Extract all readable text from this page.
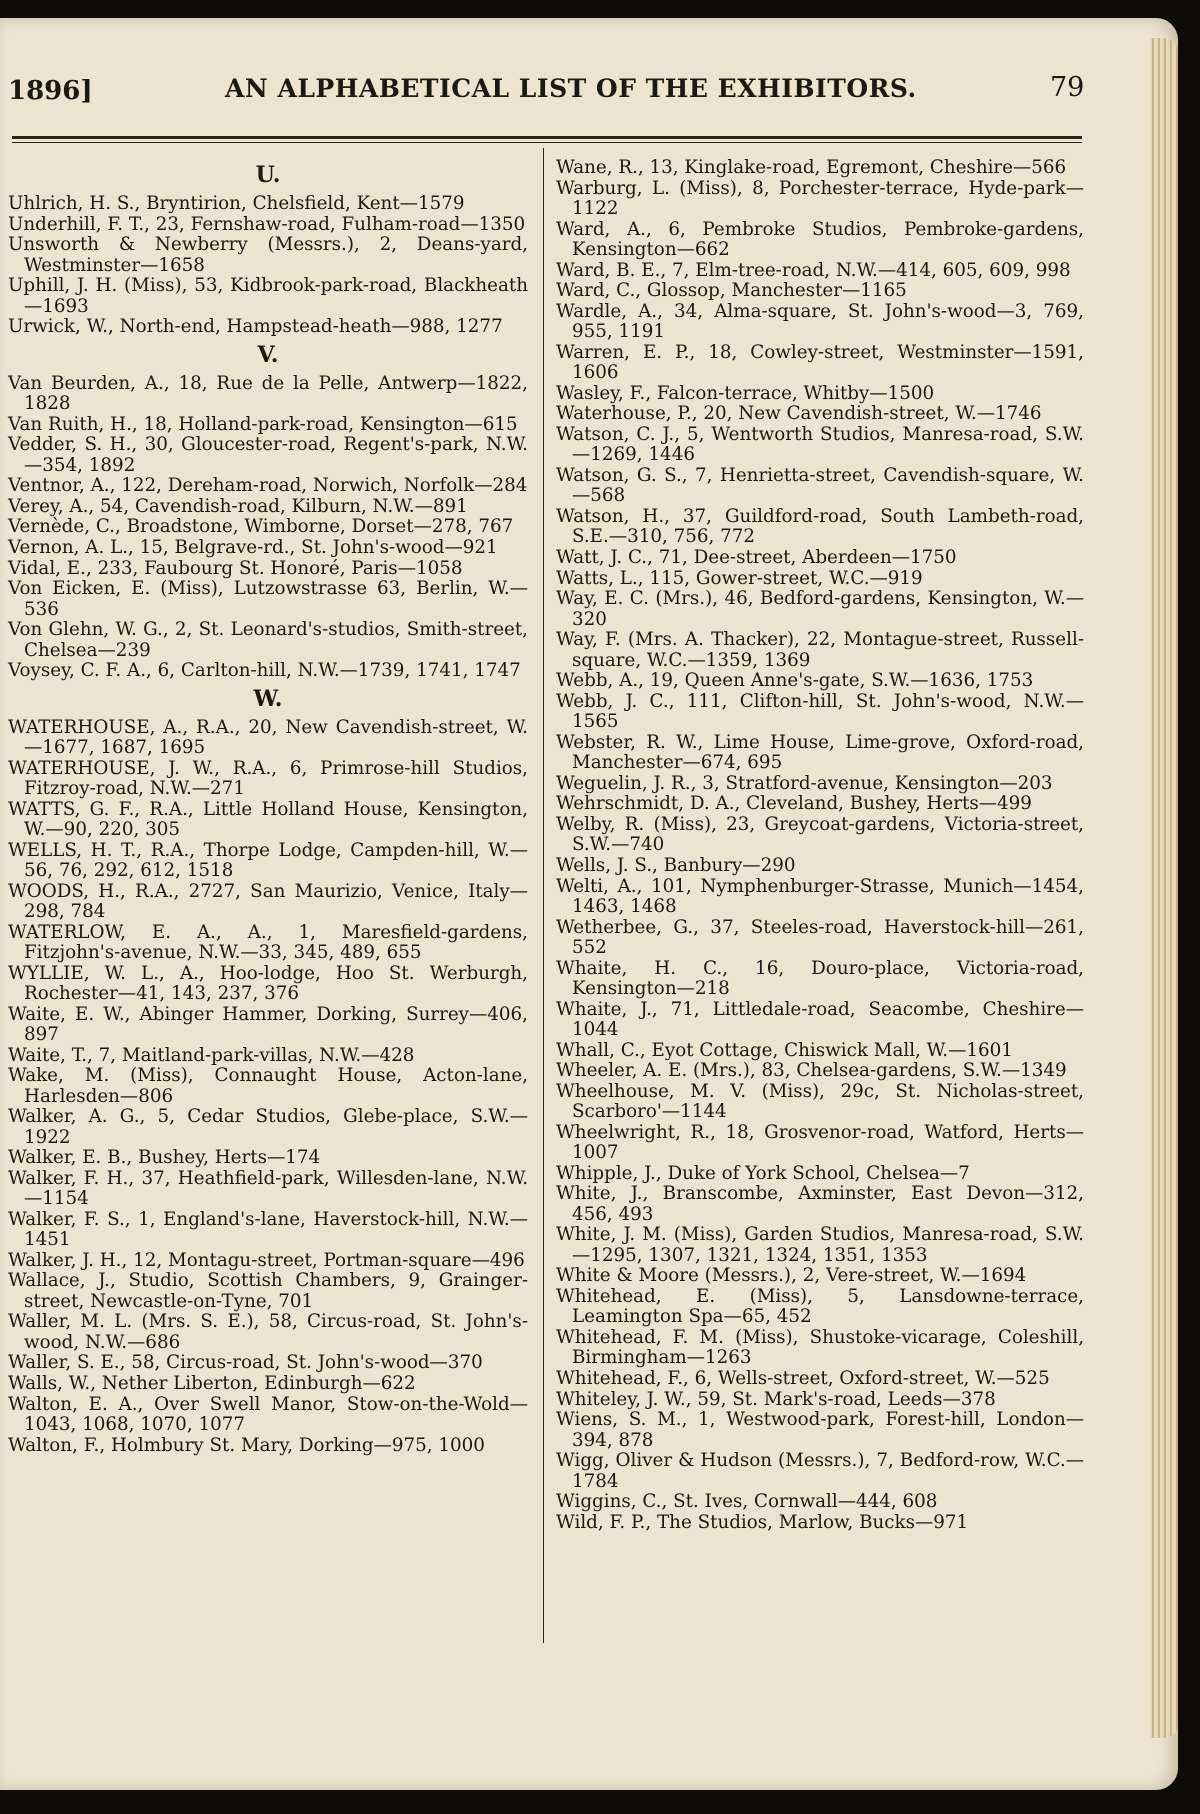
1896]	AN ALPHABETICAL LIST OF THE EXHIBITORS.	79
U.
Uhlrich, H. S., Bryntirion, Chelsfield, Kent—1579
Underhill, F. T., 23, Fernshaw-road, Fulham-road—1350
Unsworth & Newberry (Messrs.), 2, Deans-yard, Westminster—1658
Uphill, J. H. (Miss), 53, Kidbrook-park-road, Blackheath—1693
Urwick, W., North-end, Hampstead-heath—988, 1277
V.
Van Beurden, A., 18, Rue de la Pelle, Antwerp—1822, 1828
Van Ruith, H., 18, Holland-park-road, Kensington—615
Vedder, S. H., 30, Gloucester-road, Regent's-park, N.W.—354, 1892
Ventnor, A., 122, Dereham-road, Norwich, Norfolk—284
Verey, A., 54, Cavendish-road, Kilburn, N.W.—891
Vernède, C., Broadstone, Wimborne, Dorset—278, 767
Vernon, A. L., 15, Belgrave-rd., St. John's-wood—921
Vidal, E., 233, Faubourg St. Honoré, Paris—1058
Von Eicken, E. (Miss), Lutzowstrasse 63, Berlin, W.—536
Von Glehn, W. G., 2, St. Leonard's-studios, Smith-street, Chelsea—239
Voysey, C. F. A., 6, Carlton-hill, N.W.—1739, 1741, 1747
W.
WATERHOUSE, A., R.A., 20, New Cavendish-street, W.—1677, 1687, 1695
WATERHOUSE, J. W., R.A., 6, Primrose-hill Studios, Fitzroy-road, N.W.—271
WATTS, G. F., R.A., Little Holland House, Kensington, W.—90, 220, 305
WELLS, H. T., R.A., Thorpe Lodge, Campden-hill, W.—56, 76, 292, 612, 1518
WOODS, H., R.A., 2727, San Maurizio, Venice, Italy—298, 784
WATERLOW, E. A., A., 1, Maresfield-gardens, Fitzjohn's-avenue, N.W.—33, 345, 489, 655
WYLLIE, W. L., A., Hoo-lodge, Hoo St. Werburgh, Rochester—41, 143, 237, 376
Waite, E. W., Abinger Hammer, Dorking, Surrey—406, 897
Waite, T., 7, Maitland-park-villas, N.W.—428
Wake, M. (Miss), Connaught House, Acton-lane, Harlesden—806
Walker, A. G., 5, Cedar Studios, Glebe-place, S.W.—1922
Walker, E. B., Bushey, Herts—174
Walker, F. H., 37, Heathfield-park, Willesden-lane, N.W.—1154
Walker, F. S., 1, England's-lane, Haverstock-hill, N.W.—1451
Walker, J. H., 12, Montagu-street, Portman-square—496
Wallace, J., Studio, Scottish Chambers, 9, Grainger-street, Newcastle-on-Tyne, 701
Waller, M. L. (Mrs. S. E.), 58, Circus-road, St. John's-wood, N.W.—686
Waller, S. E., 58, Circus-road, St. John's-wood—370
Walls, W., Nether Liberton, Edinburgh—622
Walton, E. A., Over Swell Manor, Stow-on-the-Wold—1043, 1068, 1070, 1077
Walton, F., Holmbury St. Mary, Dorking—975, 1000
Wane, R., 13, Kinglake-road, Egremont, Cheshire—566
Warburg, L. (Miss), 8, Porchester-terrace, Hyde-park—1122
Ward, A., 6, Pembroke Studios, Pembroke-gardens, Kensington—662
Ward, B. E., 7, Elm-tree-road, N.W.—414, 605, 609, 998
Ward, C., Glossop, Manchester—1165
Wardle, A., 34, Alma-square, St. John's-wood—3, 769, 955, 1191
Warren, E. P., 18, Cowley-street, Westminster—1591, 1606
Wasley, F., Falcon-terrace, Whitby—1500
Waterhouse, P., 20, New Cavendish-street, W.—1746
Watson, C. J., 5, Wentworth Studios, Manresa-road, S.W.—1269, 1446
Watson, G. S., 7, Henrietta-street, Cavendish-square, W.—568
Watson, H., 37, Guildford-road, South Lambeth-road, S.E.—310, 756, 772
Watt, J. C., 71, Dee-street, Aberdeen—1750
Watts, L., 115, Gower-street, W.C.—919
Way, E. C. (Mrs.), 46, Bedford-gardens, Kensington, W.—320
Way, F. (Mrs. A. Thacker), 22, Montague-street, Russell-square, W.C.—1359, 1369
Webb, A., 19, Queen Anne's-gate, S.W.—1636, 1753
Webb, J. C., 111, Clifton-hill, St. John's-wood, N.W.—1565
Webster, R. W., Lime House, Lime-grove, Oxford-road, Manchester—674, 695
Weguelin, J. R., 3, Stratford-avenue, Kensington—203
Wehrschmidt, D. A., Cleveland, Bushey, Herts—499
Welby, R. (Miss), 23, Greycoat-gardens, Victoria-street, S.W.—740
Wells, J. S., Banbury—290
Welti, A., 101, Nymphenburger-Strasse, Munich—1454, 1463, 1468
Wetherbee, G., 37, Steeles-road, Haverstock-hill—261, 552
Whaite, H. C., 16, Douro-place, Victoria-road, Kensington—218
Whaite, J., 71, Littledale-road, Seacombe, Cheshire—1044
Whall, C., Eyot Cottage, Chiswick Mall, W.—1601
Wheeler, A. E. (Mrs.), 83, Chelsea-gardens, S.W.—1349
Wheelhouse, M. V. (Miss), 29c, St. Nicholas-street, Scarboro'—1144
Wheelwright, R., 18, Grosvenor-road, Watford, Herts—1007
Whipple, J., Duke of York School, Chelsea—7
White, J., Branscombe, Axminster, East Devon—312, 456, 493
White, J. M. (Miss), Garden Studios, Manresa-road, S.W.—1295, 1307, 1321, 1324, 1351, 1353
White & Moore (Messrs.), 2, Vere-street, W.—1694
Whitehead, E. (Miss), 5, Lansdowne-terrace, Leamington Spa—65, 452
Whitehead, F. M. (Miss), Shustoke-vicarage, Coleshill, Birmingham—1263
Whitehead, F., 6, Wells-street, Oxford-street, W.—525
Whiteley, J. W., 59, St. Mark's-road, Leeds—378
Wiens, S. M., 1, Westwood-park, Forest-hill, London—394, 878
Wigg, Oliver & Hudson (Messrs.), 7, Bedford-row, W.C.—1784
Wiggins, C., St. Ives, Cornwall—444, 608
Wild, F. P., The Studios, Marlow, Bucks—971
